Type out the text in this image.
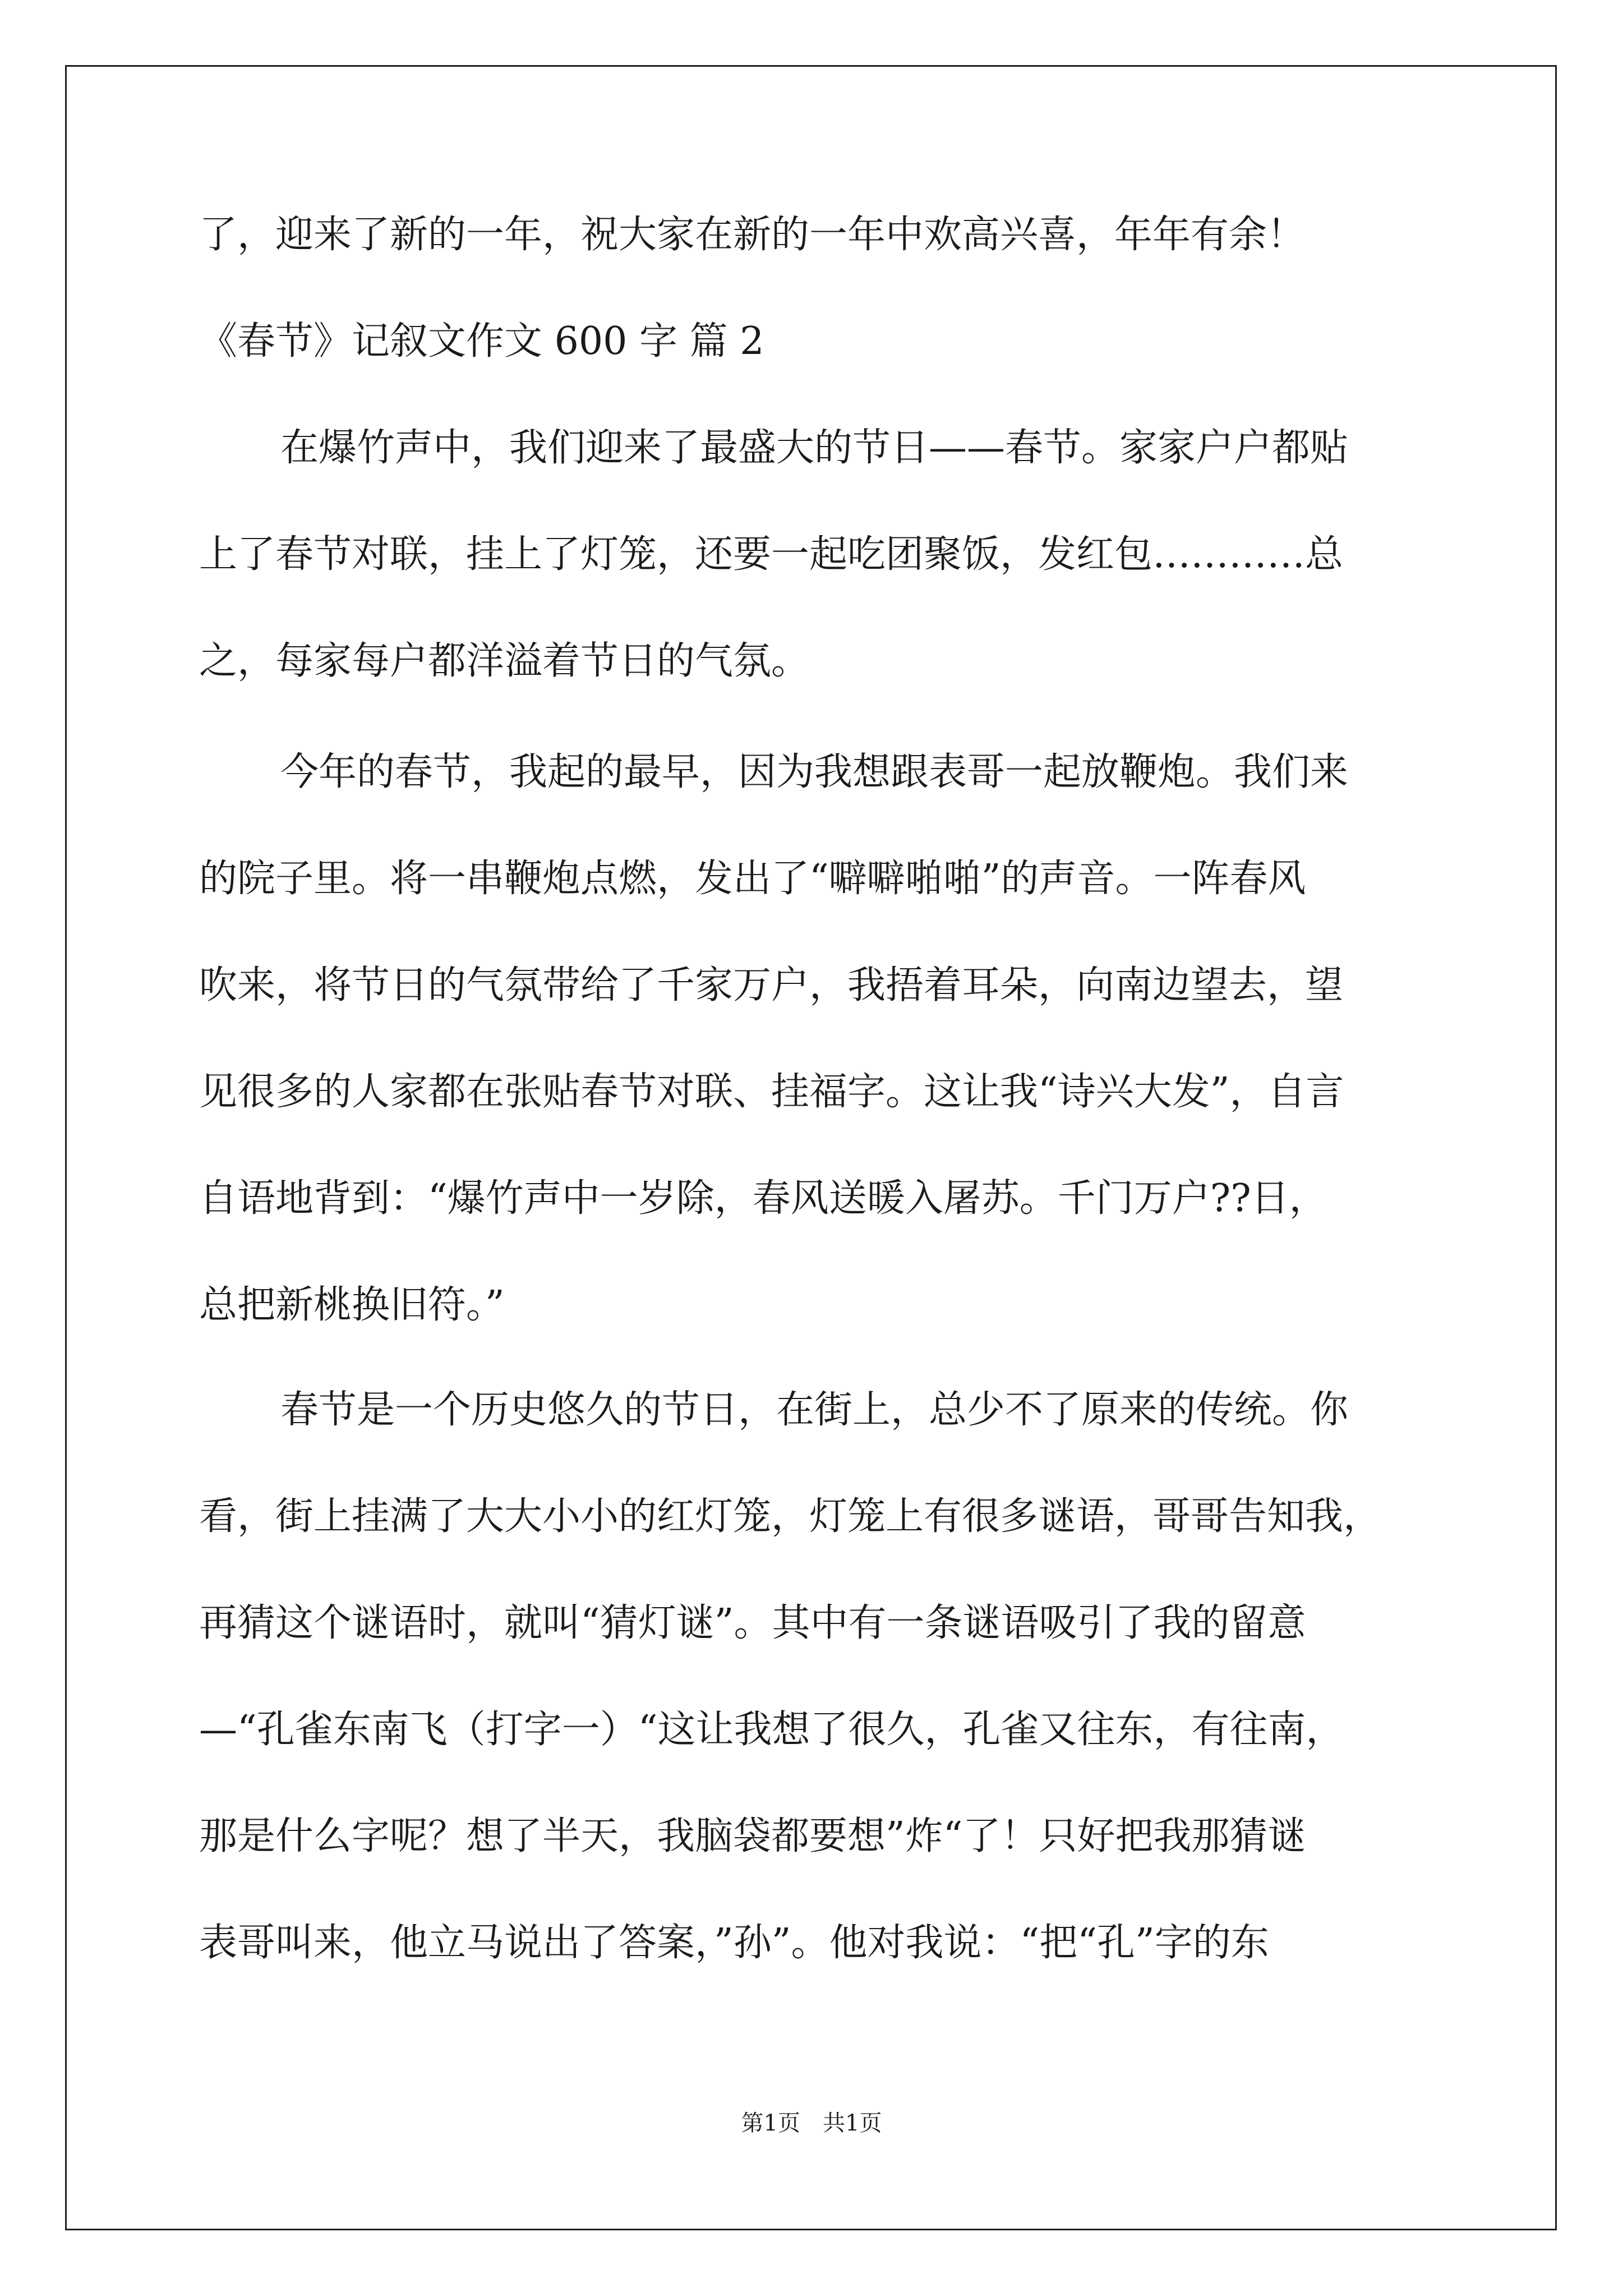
了，迎来了新的一年，祝大家在新的一年中欢高兴喜，年年有余！
《春节》记叙文作文 600 字 篇 2
在爆竹声中，我们迎来了最盛大的节日——春节。家家户户都贴
上了春节对联，挂上了灯笼，还要一起吃团聚饭，发红包…………总
之，每家每户都洋溢着节日的气氛。
今年的春节，我起的最早，因为我想跟表哥一起放鞭炮。我们来
的院子里。将一串鞭炮点燃，发出了“噼噼啪啪”的声音。一阵春风
吹来，将节日的气氛带给了千家万户，我捂着耳朵，向南边望去，望
见很多的人家都在张贴春节对联、挂福字。这让我“诗兴大发”，自言
自语地背到：“爆竹声中一岁除，春风送暖入屠苏。千门万户??日，
总把新桃换旧符。”
春节是一个历史悠久的节日，在街上，总少不了原来的传统。你
看，街上挂满了大大小小的红灯笼，灯笼上有很多谜语，哥哥告知我，
再猜这个谜语时，就叫“猜灯谜”。其中有一条谜语吸引了我的留意
—“孔雀东南飞（打字一）“这让我想了很久，孔雀又往东，有往南，
那是什么字呢？想了半天，我脑袋都要想”炸“了！只好把我那猜谜
表哥叫来，他立马说出了答案，”孙”。他对我说：“把“孔”字的东
第1页　共1页
